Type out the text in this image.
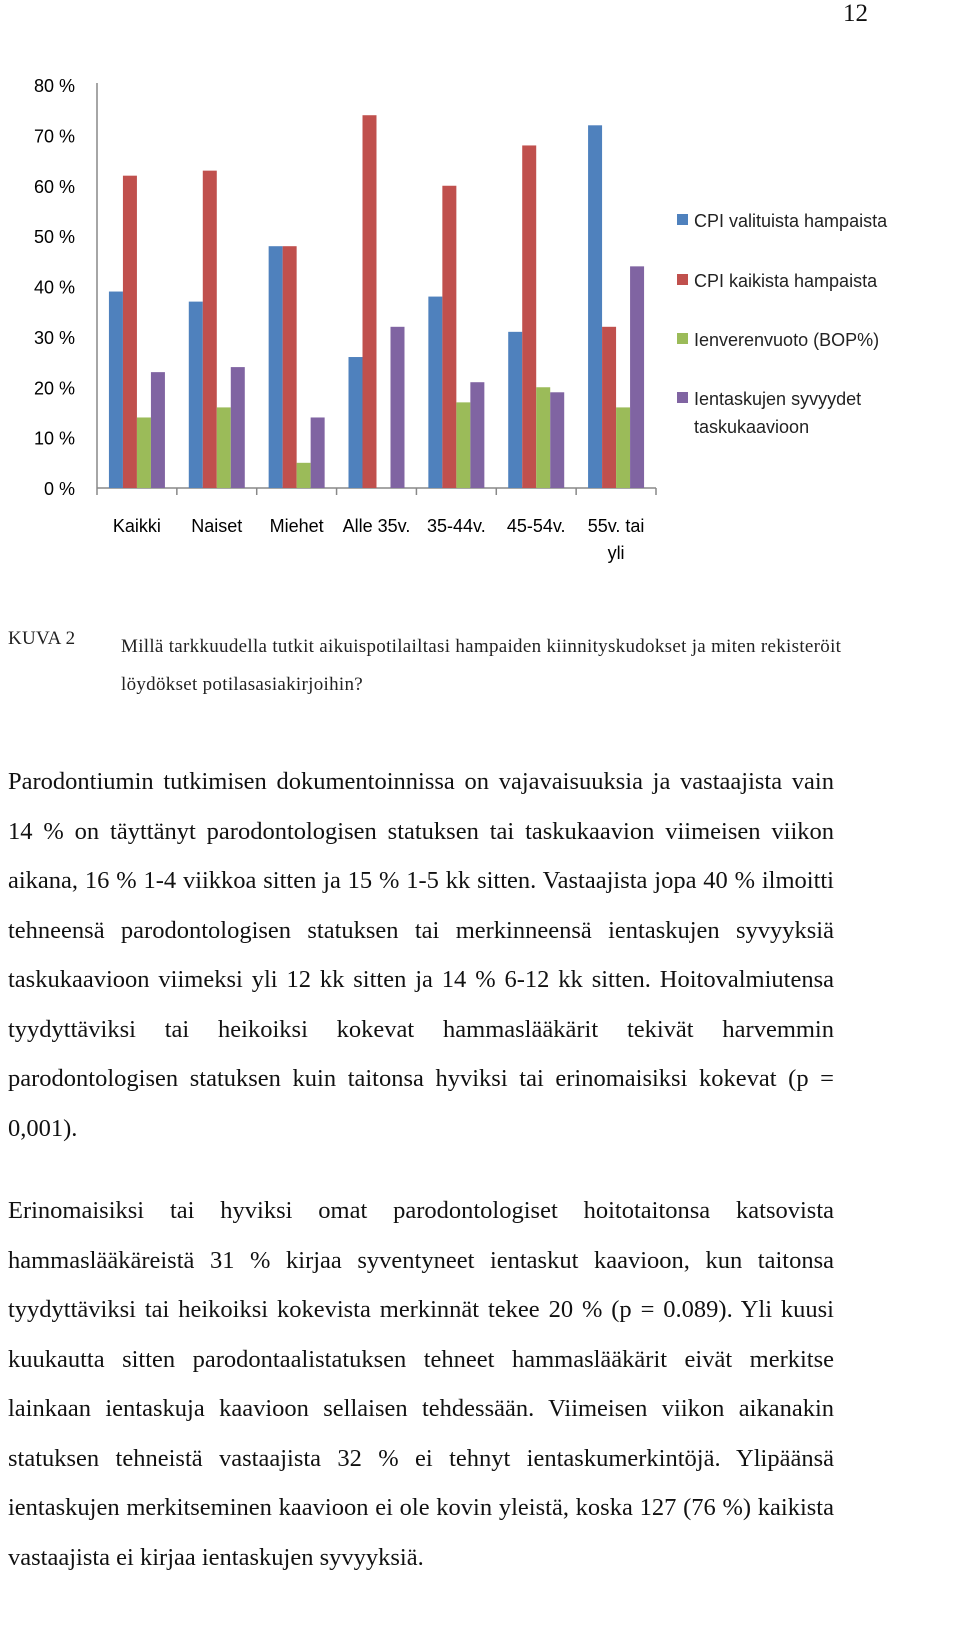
12
0 %
10 %
20 %
30 %
40 %
50 %
60 %
70 %
80 %
Kaikki Naiset Miehet Alle 35v. 35-44v. 45-54v. 55v. tai
yli
CPI valituista hampaista
CPI kaikista hampaista
Ienverenvuoto (BOP%)
Ientaskujen syvyydet
taskukaavioon
KUVA 2 Millä tarkkuudella tutkit aikuispotilailtasi hampaiden kiinnityskudokset ja miten rekisteröit löydökset potilasasiakirjoihin?

Parodontiumin tutkimisen dokumentoinnissa on vajavaisuuksia ja vastaajista vain 14 % on täyttänyt parodontologisen statuksen tai taskukaavion viimeisen viikon aikana, 16 % 1-4 viikkoa sitten ja 15 % 1-5 kk sitten. Vastaajista jopa 40 % ilmoitti tehneensä parodontologisen statuksen tai merkinneensä ientaskujen syvyyksiä taskukaavioon viimeksi yli 12 kk sitten ja 14 % 6-12 kk sitten. Hoitovalmiutensa tyydyttäviksi tai heikoiksi kokevat hammaslääkärit tekivät harvemmin parodontologisen statuksen kuin taitonsa hyviksi tai erinomaisiksi kokevat (p = 0,001).

Erinomaisiksi tai hyviksi omat parodontologiset hoitotaitonsa katsovista hammaslääkäreistä 31 % kirjaa syventyneet ientaskut kaavioon, kun taitonsa tyydyttäviksi tai heikoiksi kokevista merkinnät tekee 20 % (p = 0.089). Yli kuusi kuukautta sitten parodontaalistatuksen tehneet hammaslääkärit eivät merkitse lainkaan ientaskuja kaavioon sellaisen tehdessään. Viimeisen viikon aikanakin statuksen tehneistä vastaajista 32 % ei tehnyt ientaskumerkintöjä. Ylipäänsä ientaskujen merkitseminen kaavioon ei ole kovin yleistä, koska 127 (76 %) kaikista vastaajista ei kirjaa ientaskujen syvyyksiä.
